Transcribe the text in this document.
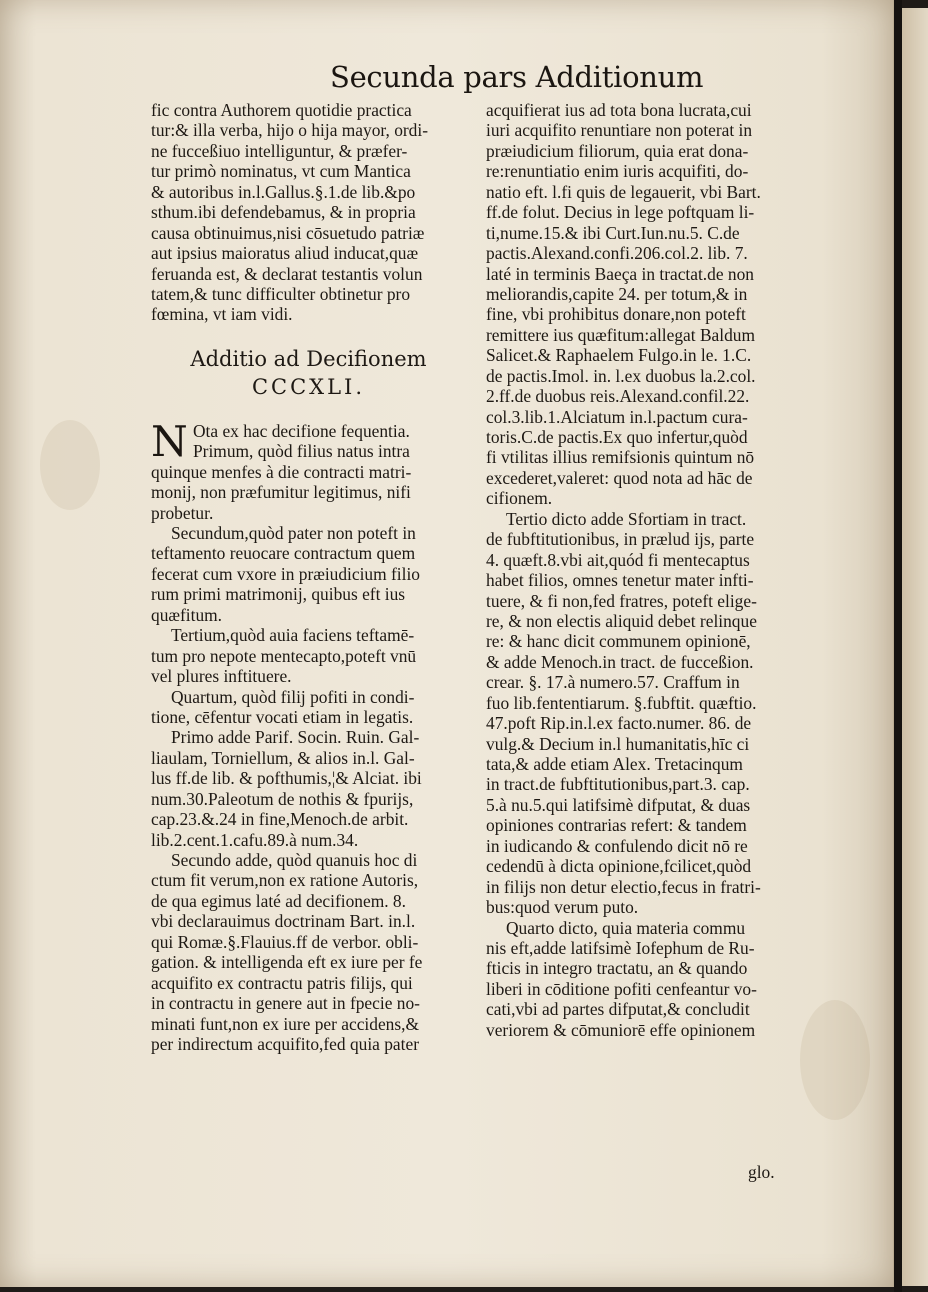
Secunda pars Additionum
fic contra Authorem quotidie practica
tur:& illa verba, hijo o hija mayor, ordi-
ne fucceßiuo intelliguntur, & præfer-
tur primò nominatus, vt cum Mantica
& autoribus in.l.Gallus.§.1.de lib.&po
sthum.ibi defendebamus, & in propria
causa obtinuimus,nisi cōsuetudo patriæ
aut ipsius maioratus aliud inducat,quæ
feruanda est, & declarat testantis volun
tatem,& tunc difficulter obtinetur pro
fœmina, vt iam vidi.
Additio ad Decifionem
CCCXLI.
N Ota ex hac decifione fequentia.
Primum, quòd filius natus intra
quinque menfes à die contracti matri-
monij, non præfumitur legitimus, nifi
probetur.
Secundum,quòd pater non poteft in
teftamento reuocare contractum quem
fecerat cum vxore in præiudicium filio
rum primi matrimonij, quibus eft ius
quæfitum.
Tertium,quòd auia faciens teftamē-
tum pro nepote mentecapto,poteft vnū
vel plures inftituere.
Quartum, quòd filij pofiti in condi-
tione, cēfentur vocati etiam in legatis.
Primo adde Parif. Socin. Ruin. Gal-
liaulam, Torniellum, & alios in.l. Gal-
lus ff.de lib. & pofthumis,¦& Alciat. ibi
num.30.Paleotum de nothis & fpurijs,
cap.23.&.24 in fine,Menoch.de arbit.
lib.2.cent.1.cafu.89.à num.34.
Secundo adde, quòd quanuis hoc di
ctum fit verum,non ex ratione Autoris,
de qua egimus laté ad decifionem. 8.
vbi declarauimus doctrinam Bart. in.l.
qui Romæ.§.Flauius.ff de verbor. obli-
gation. & intelligenda eft ex iure per fe
acquifito ex contractu patris filijs, qui
in contractu in genere aut in fpecie no-
minati funt,non ex iure per accidens,&
per indirectum acquifito,fed quia pater
acquifierat ius ad tota bona lucrata,cui
iuri acquifito renuntiare non poterat in
præiudicium filiorum, quia erat dona-
re:renuntiatio enim iuris acquifiti, do-
natio eft. l.fi quis de legauerit, vbi Bart.
ff.de folut. Decius in lege poftquam li-
ti,nume.15.& ibi Curt.Iun.nu.5. C.de
pactis.Alexand.confi.206.col.2. lib. 7.
laté in terminis Baeça in tractat.de non
meliorandis,capite 24. per totum,& in
fine, vbi prohibitus donare,non poteft
remittere ius quæfitum:allegat Baldum
Salicet.& Raphaelem Fulgo.in le. 1.C.
de pactis.Imol. in. l.ex duobus la.2.col.
2.ff.de duobus reis.Alexand.confil.22.
col.3.lib.1.Alciatum in.l.pactum cura-
toris.C.de pactis.Ex quo infertur,quòd
fi vtilitas illius remifsionis quintum nō
excederet,valeret: quod nota ad hāc de
cifionem.
Tertio dicto adde Sfortiam in tract.
de fubftitutionibus, in prælud ijs, parte
4. quæft.8.vbi ait,quód fi mentecaptus
habet filios, omnes tenetur mater infti-
tuere, & fi non,fed fratres, poteft elige-
re, & non electis aliquid debet relinque
re: & hanc dicit communem opinionē,
& adde Menoch.in tract. de fucceßion.
crear. §. 17.à numero.57. Craffum in
fuo lib.fententiarum. §.fubftit. quæftio.
47.poft Rip.in.l.ex facto.numer. 86. de
vulg.& Decium in.l humanitatis,hīc ci
tata,& adde etiam Alex. Tretacinqum
in tract.de fubftitutionibus,part.3. cap.
5.à nu.5.qui latifsimè difputat, & duas
opiniones contrarias refert: & tandem
in iudicando & confulendo dicit nō re
cedendū à dicta opinione,fcilicet,quòd
in filijs non detur electio,fecus in fratri-
bus:quod verum puto.
Quarto dicto, quia materia commu
nis eft,adde latifsimè Iofephum de Ru-
fticis in integro tractatu, an & quando
liberi in cōditione pofiti cenfeantur vo-
cati,vbi ad partes difputat,& concludit
veriorem & cōmuniorē effe opinionem
glo.
